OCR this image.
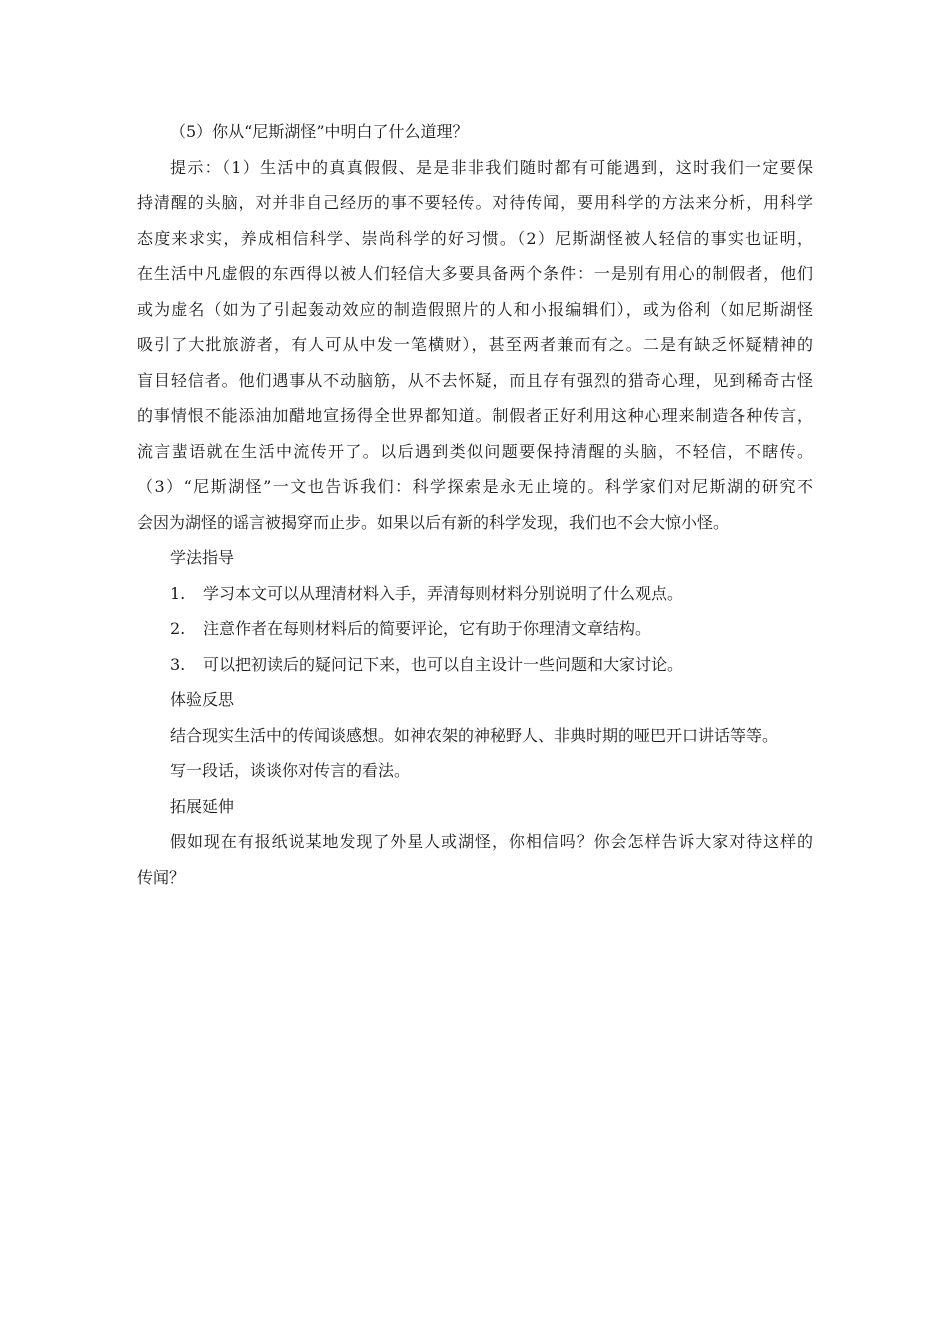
（5）你从“尼斯湖怪”中明白了什么道理？
提示：（1）生活中的真真假假、是是非非我们随时都有可能遇到，这时我们一定要保
持清醒的头脑，对并非自己经历的事不要轻传。对待传闻，要用科学的方法来分析，用科学
态度来求实，养成相信科学、崇尚科学的好习惯。（2）尼斯湖怪被人轻信的事实也证明，
在生活中凡虚假的东西得以被人们轻信大多要具备两个条件：一是别有用心的制假者，他们
或为虚名（如为了引起轰动效应的制造假照片的人和小报编辑们），或为俗利（如尼斯湖怪
吸引了大批旅游者，有人可从中发一笔横财），甚至两者兼而有之。二是有缺乏怀疑精神的
盲目轻信者。他们遇事从不动脑筋，从不去怀疑，而且存有强烈的猎奇心理，见到稀奇古怪
的事情恨不能添油加醋地宣扬得全世界都知道。制假者正好利用这种心理来制造各种传言，
流言蜚语就在生活中流传开了。以后遇到类似问题要保持清醒的头脑，不轻信，不瞎传。
（3）“尼斯湖怪”一文也告诉我们：科学探索是永无止境的。科学家们对尼斯湖的研究不
会因为湖怪的谣言被揭穿而止步。如果以后有新的科学发现，我们也不会大惊小怪。
学法指导
1. 学习本文可以从理清材料入手，弄清每则材料分别说明了什么观点。
2. 注意作者在每则材料后的简要评论，它有助于你理清文章结构。
3. 可以把初读后的疑问记下来，也可以自主设计一些问题和大家讨论。
体验反思
结合现实生活中的传闻谈感想。如神农架的神秘野人、非典时期的哑巴开口讲话等等。
写一段话，谈谈你对传言的看法。
拓展延伸
假如现在有报纸说某地发现了外星人或湖怪，你相信吗？你会怎样告诉大家对待这样的
传闻？
